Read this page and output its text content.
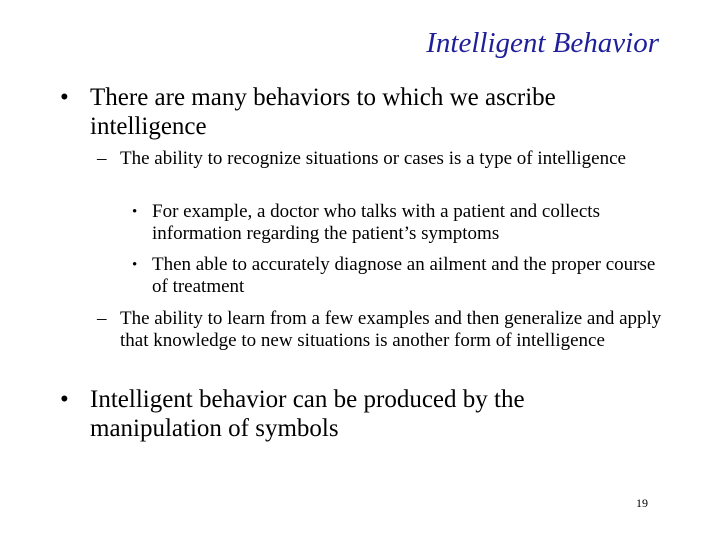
Intelligent Behavior
• There are many behaviors to which we ascribe intelligence
– The ability to recognize situations or cases is a type of intelligence
• For example, a doctor who talks with a patient and collects information regarding the patient’s symptoms
• Then able to accurately diagnose an ailment and the proper course of treatment
– The ability to learn from a few examples and then generalize and apply that knowledge to new situations is another form of intelligence
• Intelligent behavior can be produced by the manipulation of symbols
19
